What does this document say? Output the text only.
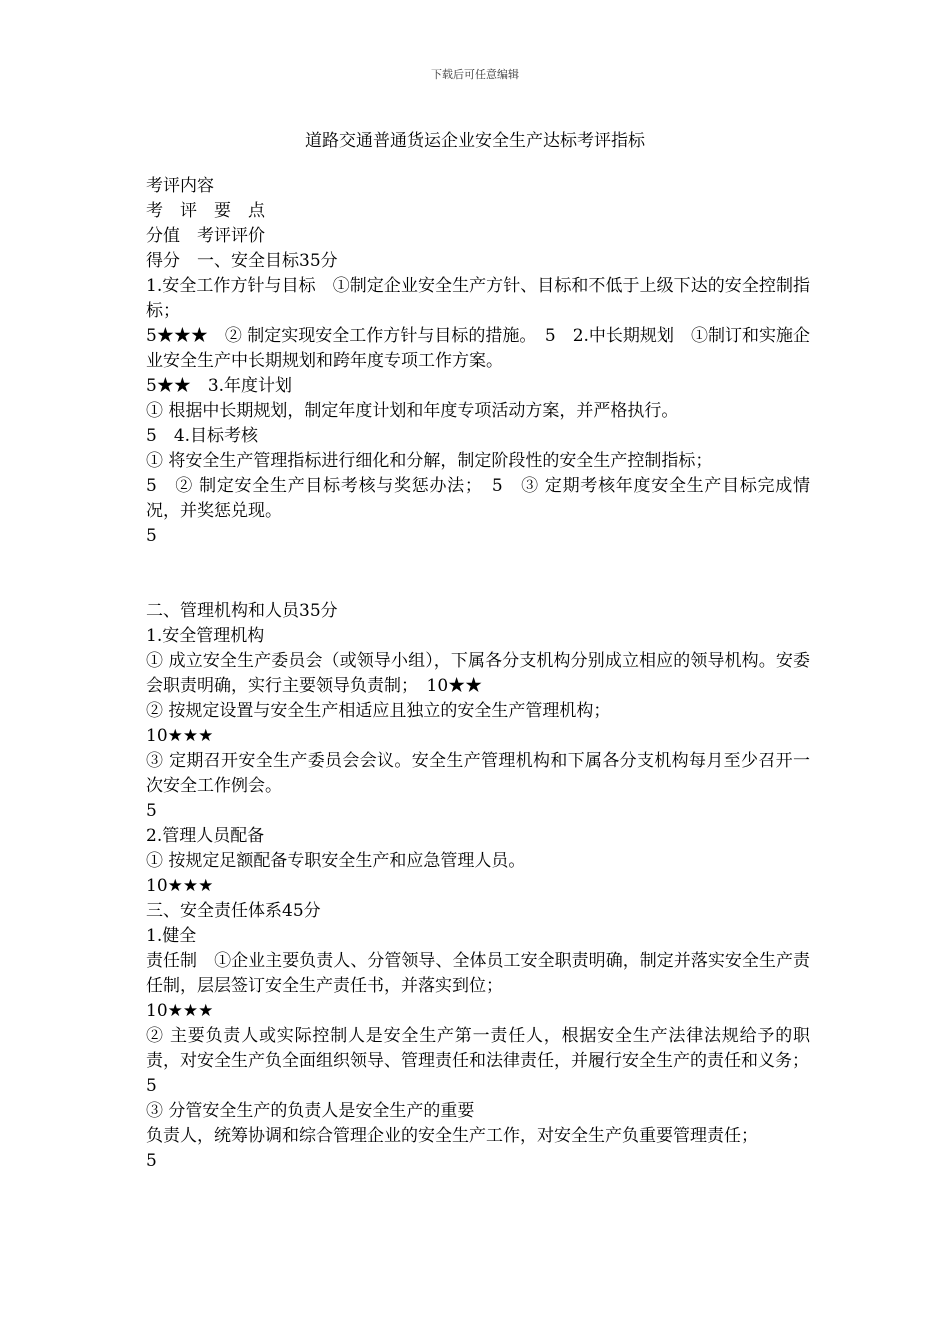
下载后可任意编辑
道路交通普通货运企业安全生产达标考评指标
考评内容
考　评　要　点
分值　考评评价
得分　一、安全目标35分
1.安全工作方针与目标　①制定企业安全生产方针、目标和不低于上级下达的安全控制指标；
5★★★　② 制定实现安全工作方针与目标的措施。　5　2.中长期规划　①制订和实施企业安全生产中长期规划和跨年度专项工作方案。
5★★　3.年度计划
① 根据中长期规划，制定年度计划和年度专项活动方案，并严格执行。
5　4.目标考核
① 将安全生产管理指标进行细化和分解，制定阶段性的安全生产控制指标；
5　② 制定安全生产目标考核与奖惩办法；　5　③ 定期考核年度安全生产目标完成情况，并奖惩兑现。
5
二、管理机构和人员35分
1.安全管理机构
① 成立安全生产委员会（或领导小组），下属各分支机构分别成立相应的领导机构。安委会职责明确，实行主要领导负责制；　10★★
② 按规定设置与安全生产相适应且独立的安全生产管理机构；
10★★★
③ 定期召开安全生产委员会会议。安全生产管理机构和下属各分支机构每月至少召开一次安全工作例会。
5
2.管理人员配备
① 按规定足额配备专职安全生产和应急管理人员。
10★★★
三、安全责任体系45分
1.健全
责任制　①企业主要负责人、分管领导、全体员工安全职责明确，制定并落实安全生产责任制，层层签订安全生产责任书，并落实到位；
10★★★
② 主要负责人或实际控制人是安全生产第一责任人，根据安全生产法律法规给予的职责，对安全生产负全面组织领导、管理责任和法律责任，并履行安全生产的责任和义务；
5
③ 分管安全生产的负责人是安全生产的重要
负责人，统筹协调和综合管理企业的安全生产工作，对安全生产负重要管理责任；
5
